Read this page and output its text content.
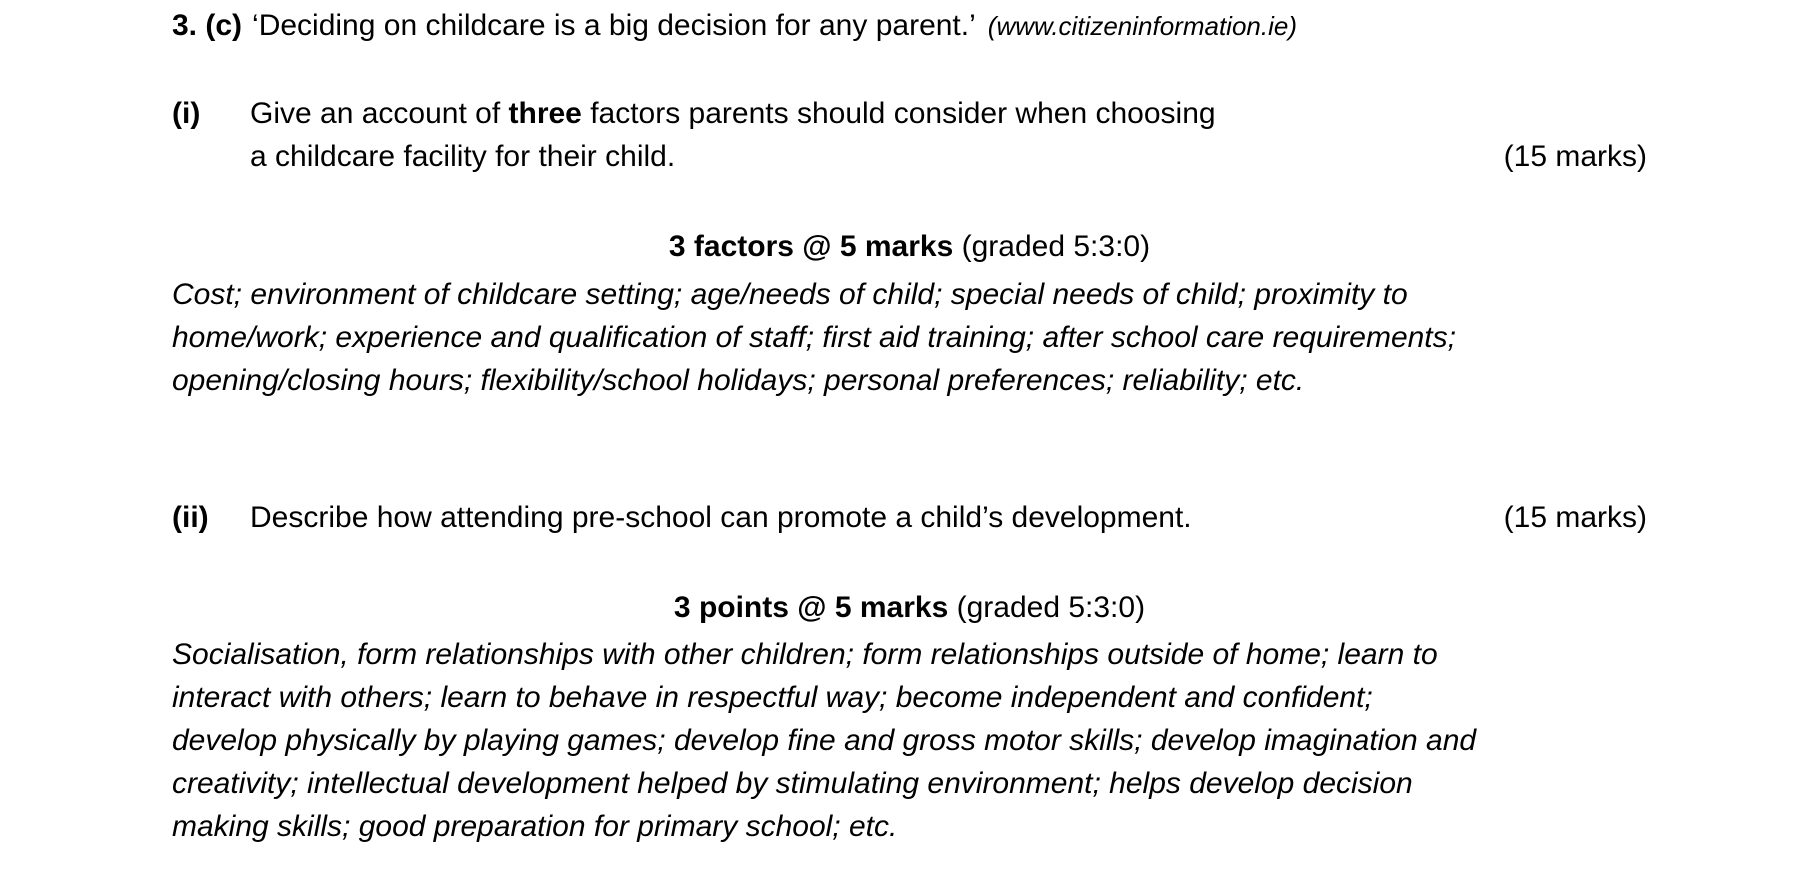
3. (c) ‘Deciding on childcare is a big decision for any parent.’ (www.citizeninformation.ie)
(i)	Give an account of three factors parents should consider when choosing
a childcare facility for their child.	(15 marks)
3 factors @ 5 marks (graded 5:3:0)
Cost; environment of childcare setting; age/needs of child; special needs of child; proximity to
home/work; experience and qualification of staff; first aid training; after school care requirements;
opening/closing hours; flexibility/school holidays; personal preferences; reliability; etc.
(ii)	Describe how attending pre-school can promote a child’s development.	(15 marks)
3 points @ 5 marks (graded 5:3:0)
Socialisation, form relationships with other children; form relationships outside of home; learn to
interact with others; learn to behave in respectful way; become independent and confident;
develop physically by playing games; develop fine and gross motor skills; develop imagination and
creativity; intellectual development helped by stimulating environment; helps develop decision
making skills; good preparation for primary school; etc.
